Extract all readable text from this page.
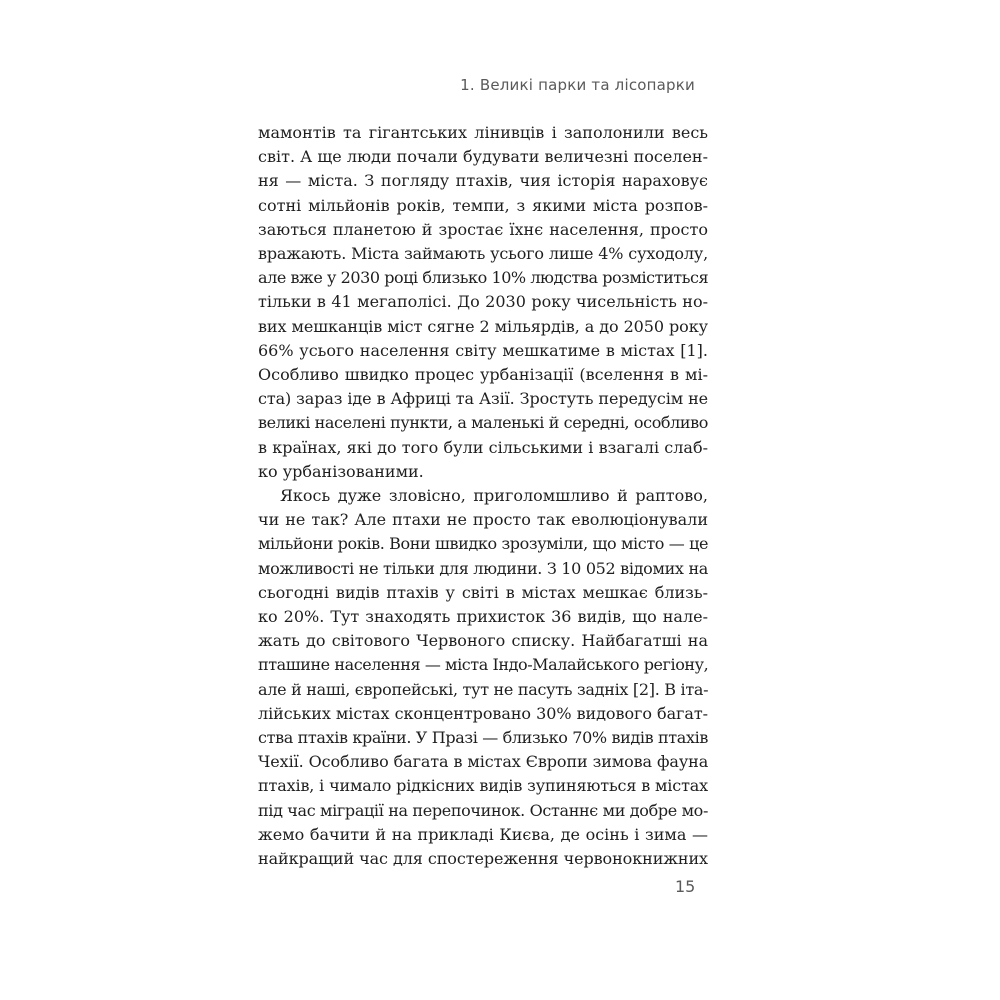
1. Великі парки та лісопарки
мамонтів та гігантських лінивців і заполонили весь
світ. А ще люди почали будувати величезні поселен-
ня — міста. З погляду птахів, чия історія нараховує
сотні мільйонів років, темпи, з якими міста розпов-
заються планетою й зростає їхнє населення, просто
вражають. Міста займають усього лише 4% суходолу,
але вже у 2030 році близько 10% людства розміститься
тільки в 41 мегаполісі. До 2030 року чисельність но-
вих мешканців міст сягне 2 мільярдів, а до 2050 року
66% усього населення світу мешкатиме в містах [1].
Особливо швидко процес урбанізації (вселення в мі-
ста) зараз іде в Африці та Азії. Зростуть передусім не
великі населені пункти, а маленькі й середні, особливо
в країнах, які до того були сільськими і взагалі слаб-
ко урбанізованими.
Якось дуже зловісно, приголомшливо й раптово,
чи не так? Але птахи не просто так еволюціонували
мільйони років. Вони швидко зрозуміли, що місто — це
можливості не тільки для людини. З 10 052 відомих на
сьогодні видів птахів у світі в містах мешкає близь-
ко 20%. Тут знаходять прихисток 36 видів, що нале-
жать до світового Червоного списку. Найбагатші на
пташине населення — міста Індо-Малайського регіону,
але й наші, європейські, тут не пасуть задніх [2]. В іта-
лійських містах сконцентровано 30% видового багат-
ства птахів країни. У Празі — близько 70% видів птахів
Чехії. Особливо багата в містах Європи зимова фауна
птахів, і чимало рідкісних видів зупиняються в містах
під час міграції на перепочинок. Останнє ми добре мо-
жемо бачити й на прикладі Києва, де осінь і зима —
найкращий час для спостереження червонокнижних
15
